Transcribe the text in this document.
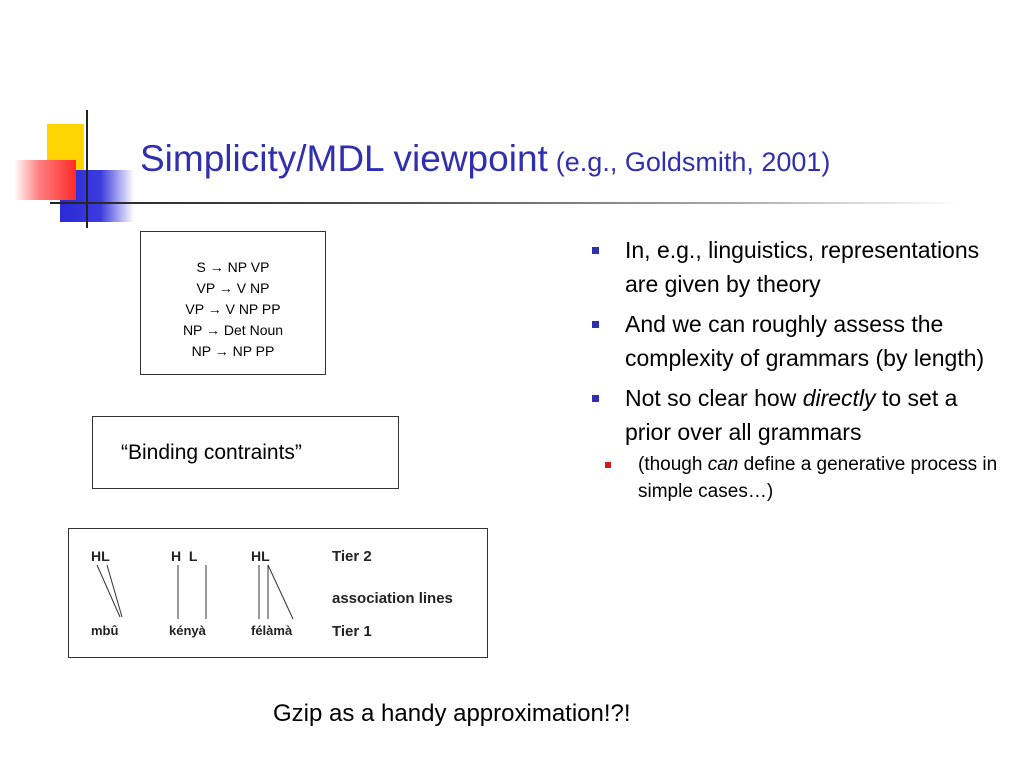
Simplicity/MDL viewpoint (e.g., Goldsmith, 2001)
S → NP VP
VP → V NP
VP → V NP PP
NP → Det Noun
NP → NP PP
“Binding contraints”
HL	H  L	HL
mbû	kényà	félàmà
Tier 2
association lines
Tier 1
In, e.g., linguistics, representations are given by theory
And we can roughly assess the complexity of grammars (by length)
Not so clear how directly to set a prior over all grammars
(though can define a generative process in simple cases…)
Gzip as a handy approximation!?!
